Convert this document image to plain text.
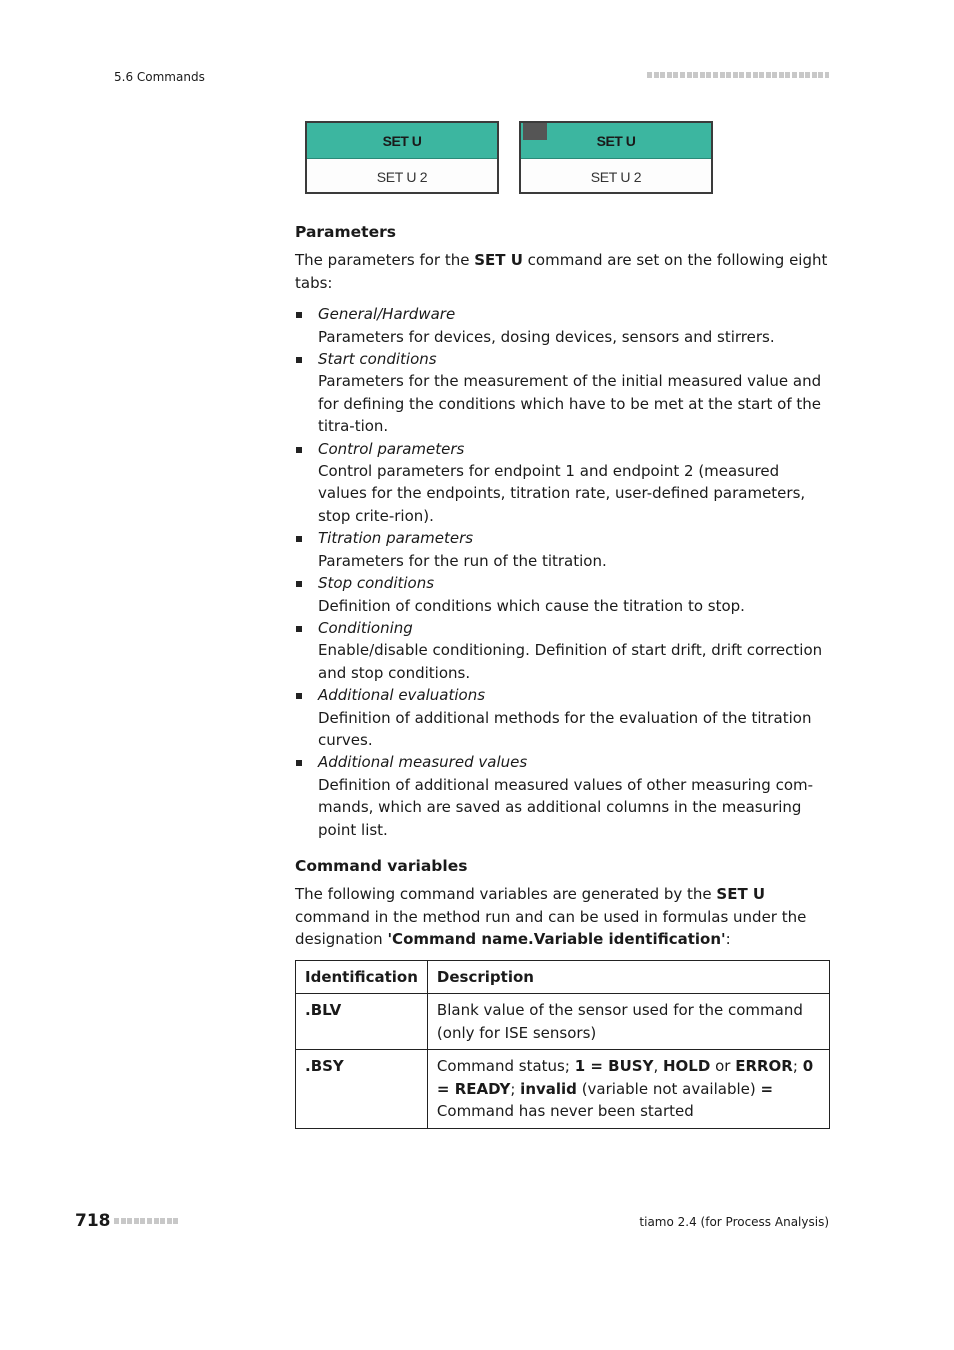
5.6 Commands
SET U
SET U 2
SET U
SET U 2
Parameters

The parameters for the SET U command are set on the following eight tabs:

General/Hardware
Parameters for devices, dosing devices, sensors and stirrers.
Start conditions
Parameters for the measurement of the initial measured value and for defining the conditions which have to be met at the start of the titra-tion.
Control parameters
Control parameters for endpoint 1 and endpoint 2 (measured values for the endpoints, titration rate, user-defined parameters, stop crite-rion).
Titration parameters
Parameters for the run of the titration.
Stop conditions
Definition of conditions which cause the titration to stop.
Conditioning
Enable/disable conditioning. Definition of start drift, drift correction and stop conditions.
Additional evaluations
Definition of additional methods for the evaluation of the titration curves.
Additional measured values
Definition of additional measured values of other measuring com-mands, which are saved as additional columns in the measuring point list.
Command variables

The following command variables are generated by the SET U command in the method run and can be used in formulas under the designation 'Command name.Variable identification':

Identification	Description
.BLV	Blank value of the sensor used for the command (only for ISE sensors)
.BSY	Command status; 1 = BUSY, HOLD or ERROR; 0 = READY; invalid (variable not available) = Command has never been started
718	tiamo 2.4 (for Process Analysis)
